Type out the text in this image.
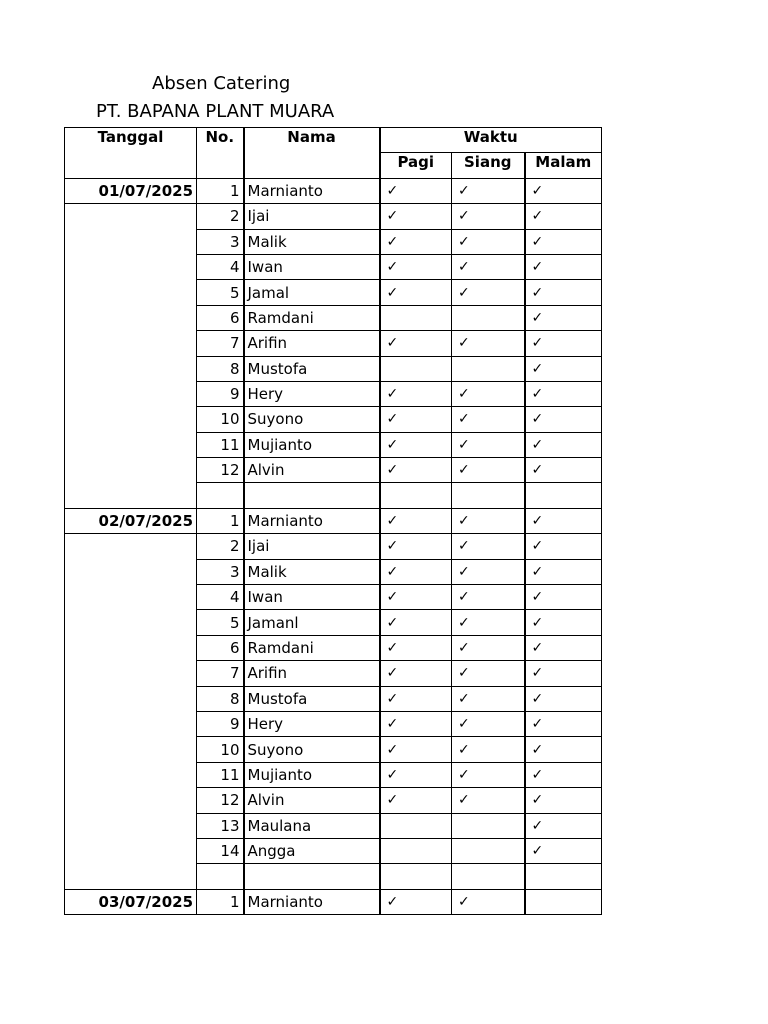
Absen Catering
PT. BAPANA PLANT MUARA
Tanggal	No.	Nama	Waktu		
			Pagi	Siang	Malam
01/07/2025	1	Marnianto	✓	✓	✓
	2	Ijai	✓	✓	✓
	3	Malik	✓	✓	✓
	4	Iwan	✓	✓	✓
	5	Jamal	✓	✓	✓
	6	Ramdani			✓
	7	Arifin	✓	✓	✓
	8	Mustofa			✓
	9	Hery	✓	✓	✓
	10	Suyono	✓	✓	✓
	11	Mujianto	✓	✓	✓
	12	Alvin	✓	✓	✓

02/07/2025	1	Marnianto	✓	✓	✓
	2	Ijai	✓	✓	✓
	3	Malik	✓	✓	✓
	4	Iwan	✓	✓	✓
	5	Jamanl	✓	✓	✓
	6	Ramdani	✓	✓	✓
	7	Arifin	✓	✓	✓
	8	Mustofa	✓	✓	✓
	9	Hery	✓	✓	✓
	10	Suyono	✓	✓	✓
	11	Mujianto	✓	✓	✓
	12	Alvin	✓	✓	✓
	13	Maulana			✓
	14	Angga			✓

03/07/2025	1	Marnianto	✓	✓	
